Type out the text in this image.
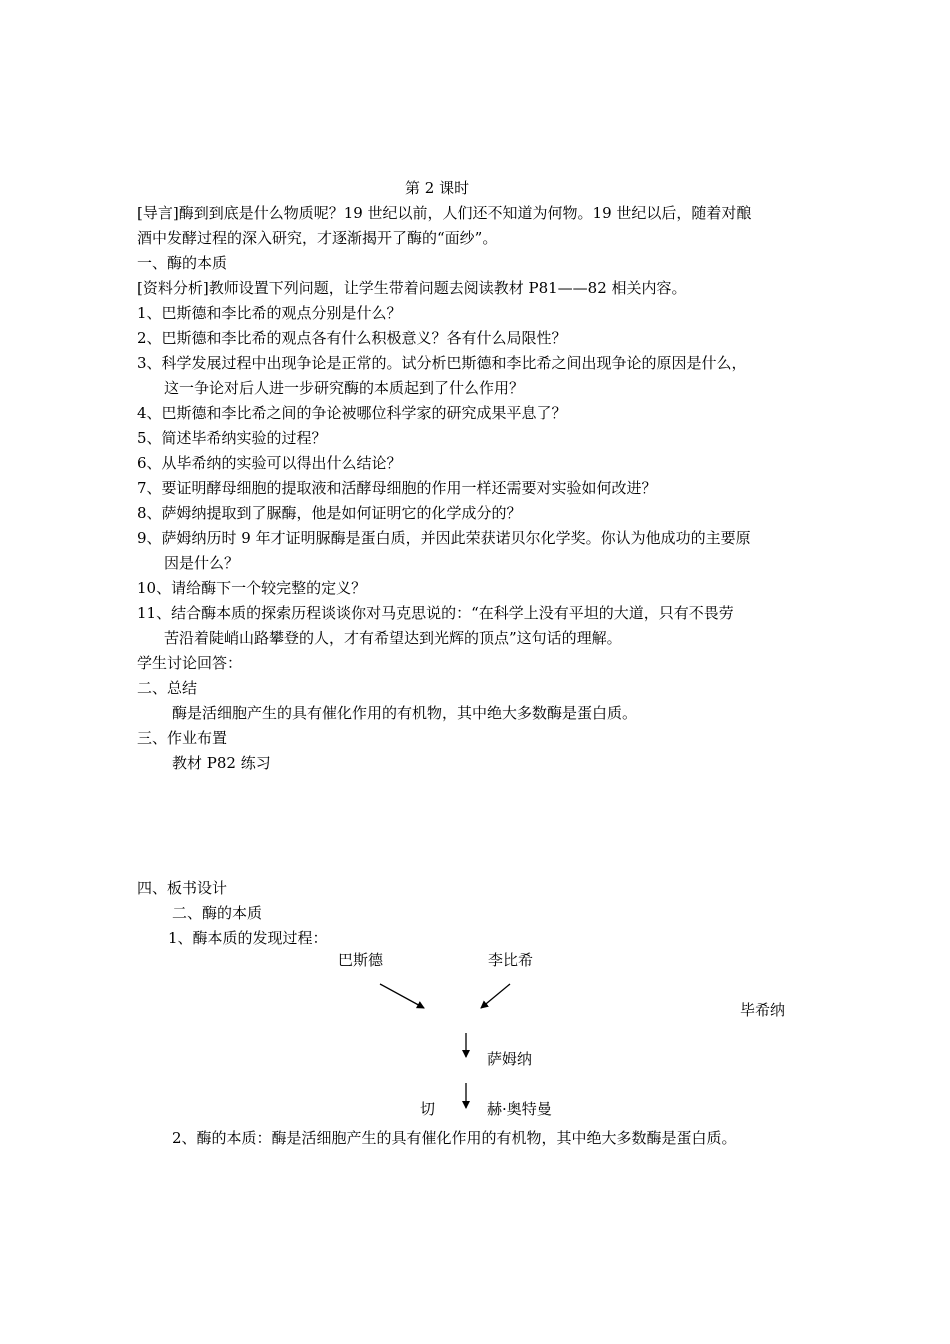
第 2 课时
[导言]酶到到底是什么物质呢？19 世纪以前，人们还不知道为何物。19 世纪以后，随着对酿
酒中发酵过程的深入研究，才逐渐揭开了酶的“面纱”。
一、酶的本质
[资料分析]教师设置下列问题，让学生带着问题去阅读教材 P81——82 相关内容。
1、巴斯德和李比希的观点分别是什么？
2、巴斯德和李比希的观点各有什么积极意义？各有什么局限性？
3、科学发展过程中出现争论是正常的。试分析巴斯德和李比希之间出现争论的原因是什么，
这一争论对后人进一步研究酶的本质起到了什么作用？
4、巴斯德和李比希之间的争论被哪位科学家的研究成果平息了？
5、简述毕希纳实验的过程？
6、从毕希纳的实验可以得出什么结论？
7、要证明酵母细胞的提取液和活酵母细胞的作用一样还需要对实验如何改进？
8、萨姆纳提取到了脲酶，他是如何证明它的化学成分的？
9、萨姆纳历时 9 年才证明脲酶是蛋白质，并因此荣获诺贝尔化学奖。你认为他成功的主要原
因是什么？
10、请给酶下一个较完整的定义？
11、结合酶本质的探索历程谈谈你对马克思说的：“在科学上没有平坦的大道，只有不畏劳
苦沿着陡峭山路攀登的人，才有希望达到光辉的顶点”这句话的理解。
学生讨论回答：
二、总结
酶是活细胞产生的具有催化作用的有机物，其中绝大多数酶是蛋白质。
三、作业布置
教材 P82 练习
四、板书设计
二、酶的本质
1、酶本质的发现过程：
巴斯德	李比希
毕希纳
萨姆纳
切	赫·奥特曼
2、酶的本质：酶是活细胞产生的具有催化作用的有机物，其中绝大多数酶是蛋白质。
